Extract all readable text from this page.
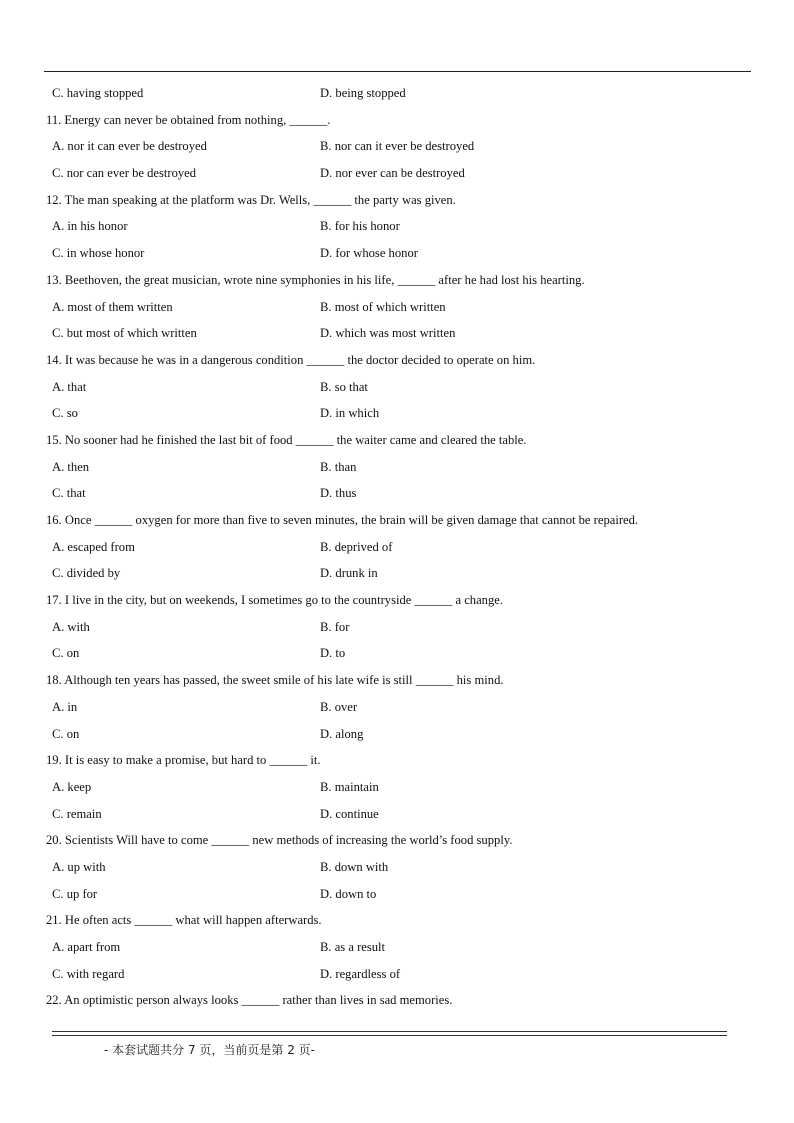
C. having stopped	D. being stopped
11. Energy can never be obtained from nothing, ______.
A. nor it can ever be destroyed	B. nor can it ever be destroyed
C. nor can ever be destroyed	D. nor ever can be destroyed
12. The man speaking at the platform was Dr. Wells, ______ the party was given.
A. in his honor	B. for his honor
C. in whose honor	D. for whose honor
13. Beethoven, the great musician, wrote nine symphonies in his life, ______ after he had lost his hearting.
A. most of them written	B. most of which written
C. but most of which written	D. which was most written
14. It was because he was in a dangerous condition ______ the doctor decided to operate on him.
A. that	B. so that
C. so	D. in which
15. No sooner had he finished the last bit of food ______ the waiter came and cleared the table.
A. then	B. than
C. that	D. thus
16. Once ______ oxygen for more than five to seven minutes, the brain will be given damage that cannot be repaired.
A. escaped from	B. deprived of
C. divided by	D. drunk in
17. I live in the city, but on weekends, I sometimes go to the countryside ______ a change.
A. with	B. for
C. on	D. to
18. Although ten years has passed, the sweet smile of his late wife is still ______ his mind.
A. in	B. over
C. on	D. along
19. It is easy to make a promise, but hard to ______ it.
A. keep	B. maintain
C. remain	D. continue
20. Scientists Will have to come ______ new methods of increasing the world’s food supply.
A. up with	B. down with
C. up for	D. down to
21. He often acts ______ what will happen afterwards.
A. apart from	B. as a result
C. with regard	D. regardless of
22. An optimistic person always looks ______ rather than lives in sad memories.
- 本套试题共分 7 页，当前页是第 2 页-
